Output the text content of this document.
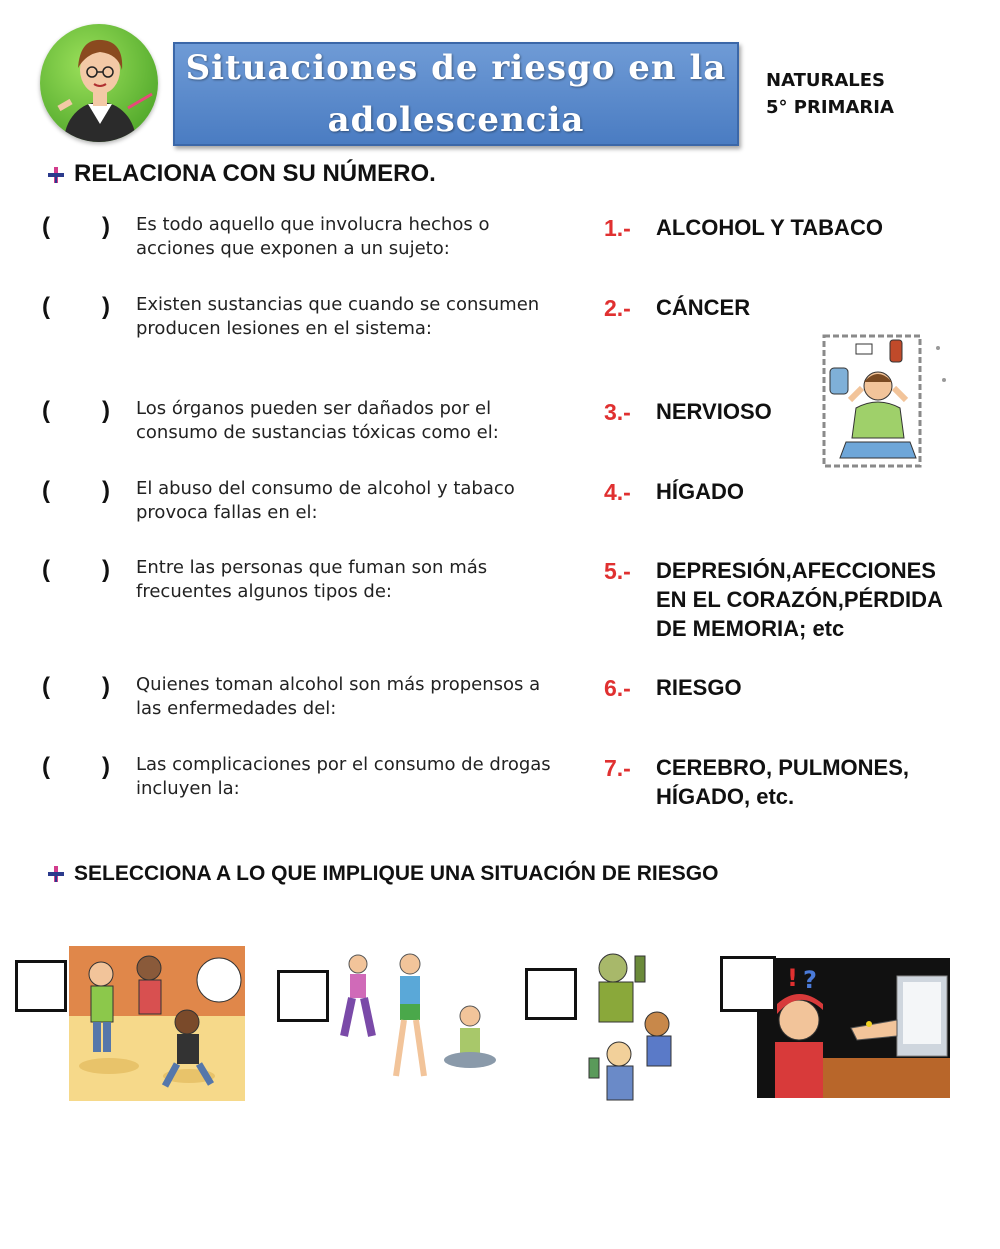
Situaciones de riesgo en la adolescencia
NATURALES
5° PRIMARIA
RELACIONA CON SU NÚMERO.
( ) Es todo aquello que involucra hechos o acciones que exponen a un sujeto:
1.- ALCOHOL Y TABACO
( ) Existen sustancias que cuando se consumen producen lesiones en el sistema:
2.- CÁNCER
( ) Los órganos pueden ser dañados por el consumo de sustancias tóxicas como el:
3.- NERVIOSO
( ) El abuso del consumo de alcohol y tabaco provoca fallas en el:
4.- HÍGADO
( ) Entre las personas que fuman son más frecuentes algunos tipos de:
5.- DEPRESIÓN,AFECCIONES EN EL CORAZÓN,PÉRDIDA DE MEMORIA; etc
( ) Quienes toman alcohol son más propensos a las enfermedades del:
6.- RIESGO
( ) Las complicaciones por el consumo de drogas incluyen la:
7.- CEREBRO, PULMONES, HÍGADO, etc.
SELECCIONA A LO QUE IMPLIQUE UNA SITUACIÓN DE RIESGO
! ?
